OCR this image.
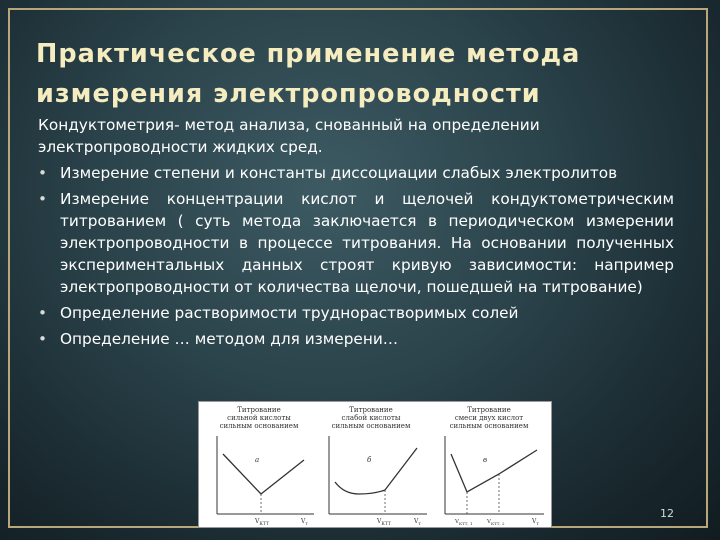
Практическое применение метода
измерения электропроводности

Кондуктометрия- метод анализа, снованный на определении электропроводности жидких сред.

• Измерение степени и константы диссоциации слабых электролитов
• Измерение концентрации кислот и щелочей кондуктометрическим титрованием ( суть метода заключается в периодическом измерении электропроводности в процессе титрования. На основании полученных экспериментальных данных строят кривую зависимости: например электропроводности от количества щелочи, пошедшей на титрование)
• Определение растворимости труднорастворимых солей
• Определение … методом для измерени…
Титрование
сильной кислоты
сильным основанием
а
$V_{КТТ}$	$V_т$
Титрование
слабой кислоты
сильным основанием
б
$V_{КТТ}$	$V_т$
Титрование
смеси двух кислот
сильным основанием
в
$V_{КТТ, 1}$	$V_{КТТ, 2}$	$V_т$
12
